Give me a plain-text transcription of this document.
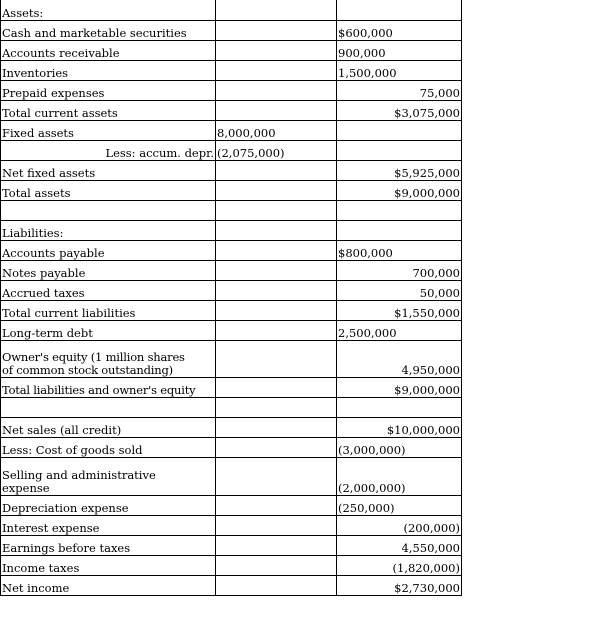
Assets:		
Cash and marketable securities		$600,000
Accounts receivable		900,000
Inventories		1,500,000
Prepaid expenses		75,000
Total current assets		$3,075,000
Fixed assets	8,000,000	
Less: accum. depr.	(2,075,000)	
Net fixed assets		$5,925,000
Total assets		$9,000,000

Liabilities:		
Accounts payable		$800,000
Notes payable		700,000
Accrued taxes		50,000
Total current liabilities		$1,550,000
Long-term debt		2,500,000

Owner's equity (1 million shares
of common stock outstanding)		4,950,000
Total liabilities and owner's equity		$9,000,000

Net sales (all credit)		$10,000,000
Less: Cost of goods sold		(3,000,000)

Selling and administrative
expense		(2,000,000)
Depreciation expense		(250,000)
Interest expense		(200,000)
Earnings before taxes		4,550,000
Income taxes		(1,820,000)
Net income		$2,730,000
